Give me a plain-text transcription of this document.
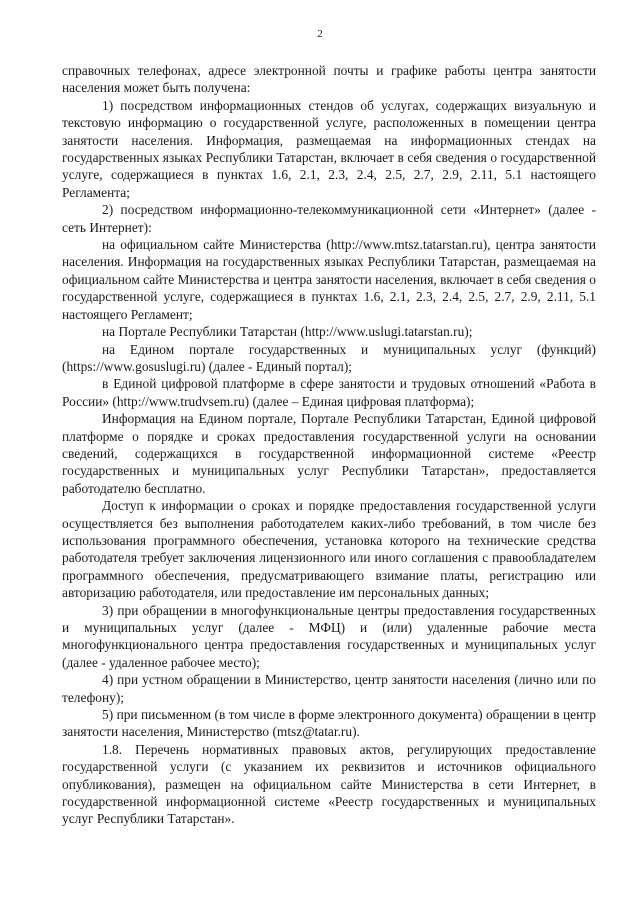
2

справочных телефонах, адресе электронной почты и графике работы центра занятости населения может быть получена:

1) посредством информационных стендов об услугах, содержащих визуальную и текстовую информацию о государственной услуге, расположенных в помещении центра занятости населения. Информация, размещаемая на информационных стендах на государственных языках Республики Татарстан, включает в себя сведения о государственной услуге, содержащиеся в пунктах 1.6, 2.1, 2.3, 2.4, 2.5, 2.7, 2.9, 2.11, 5.1 настоящего Регламента;

2) посредством информационно-телекоммуникационной сети «Интернет» (далее - сеть Интернет):

на официальном сайте Министерства (http://www.mtsz.tatarstan.ru), центра занятости населения. Информация на государственных языках Республики Татарстан, размещаемая на официальном сайте Министерства и центра занятости населения, включает в себя сведения о государственной услуге, содержащиеся в пунктах 1.6, 2.1, 2.3, 2.4, 2.5, 2.7, 2.9, 2.11, 5.1 настоящего Регламент;

на Портале Республики Татарстан (http://www.uslugi.tatarstan.ru);

на Едином портале государственных и муниципальных услуг (функций) (https://www.gosuslugi.ru) (далее - Единый портал);

в Единой цифровой платформе в сфере занятости и трудовых отношений «Работа в России» (http://www.trudvsem.ru) (далее – Единая цифровая платформа);

Информация на Едином портале, Портале Республики Татарстан, Единой цифровой платформе о порядке и сроках предоставления государственной услуги на основании сведений, содержащихся в государственной информационной системе «Реестр государственных и муниципальных услуг Республики Татарстан», предоставляется работодателю бесплатно.

Доступ к информации о сроках и порядке предоставления государственной услуги осуществляется без выполнения работодателем каких-либо требований, в том числе без использования программного обеспечения, установка которого на технические средства работодателя требует заключения лицензионного или иного соглашения с правообладателем программного обеспечения, предусматривающего взимание платы, регистрацию или авторизацию работодателя, или предоставление им персональных данных;

3) при обращении в многофункциональные центры предоставления государственных и муниципальных услуг (далее - МФЦ) и (или) удаленные рабочие места многофункционального центра предоставления государственных и муниципальных услуг (далее - удаленное рабочее место);

4) при устном обращении в Министерство, центр занятости населения (лично или по телефону);

5) при письменном (в том числе в форме электронного документа) обращении в центр занятости населения, Министерство (mtsz@tatar.ru).

1.8. Перечень нормативных правовых актов, регулирующих предоставление государственной услуги (с указанием их реквизитов и источников официального опубликования), размещен на официальном сайте Министерства в сети Интернет, в государственной информационной системе «Реестр государственных и муниципальных услуг Республики Татарстан».
